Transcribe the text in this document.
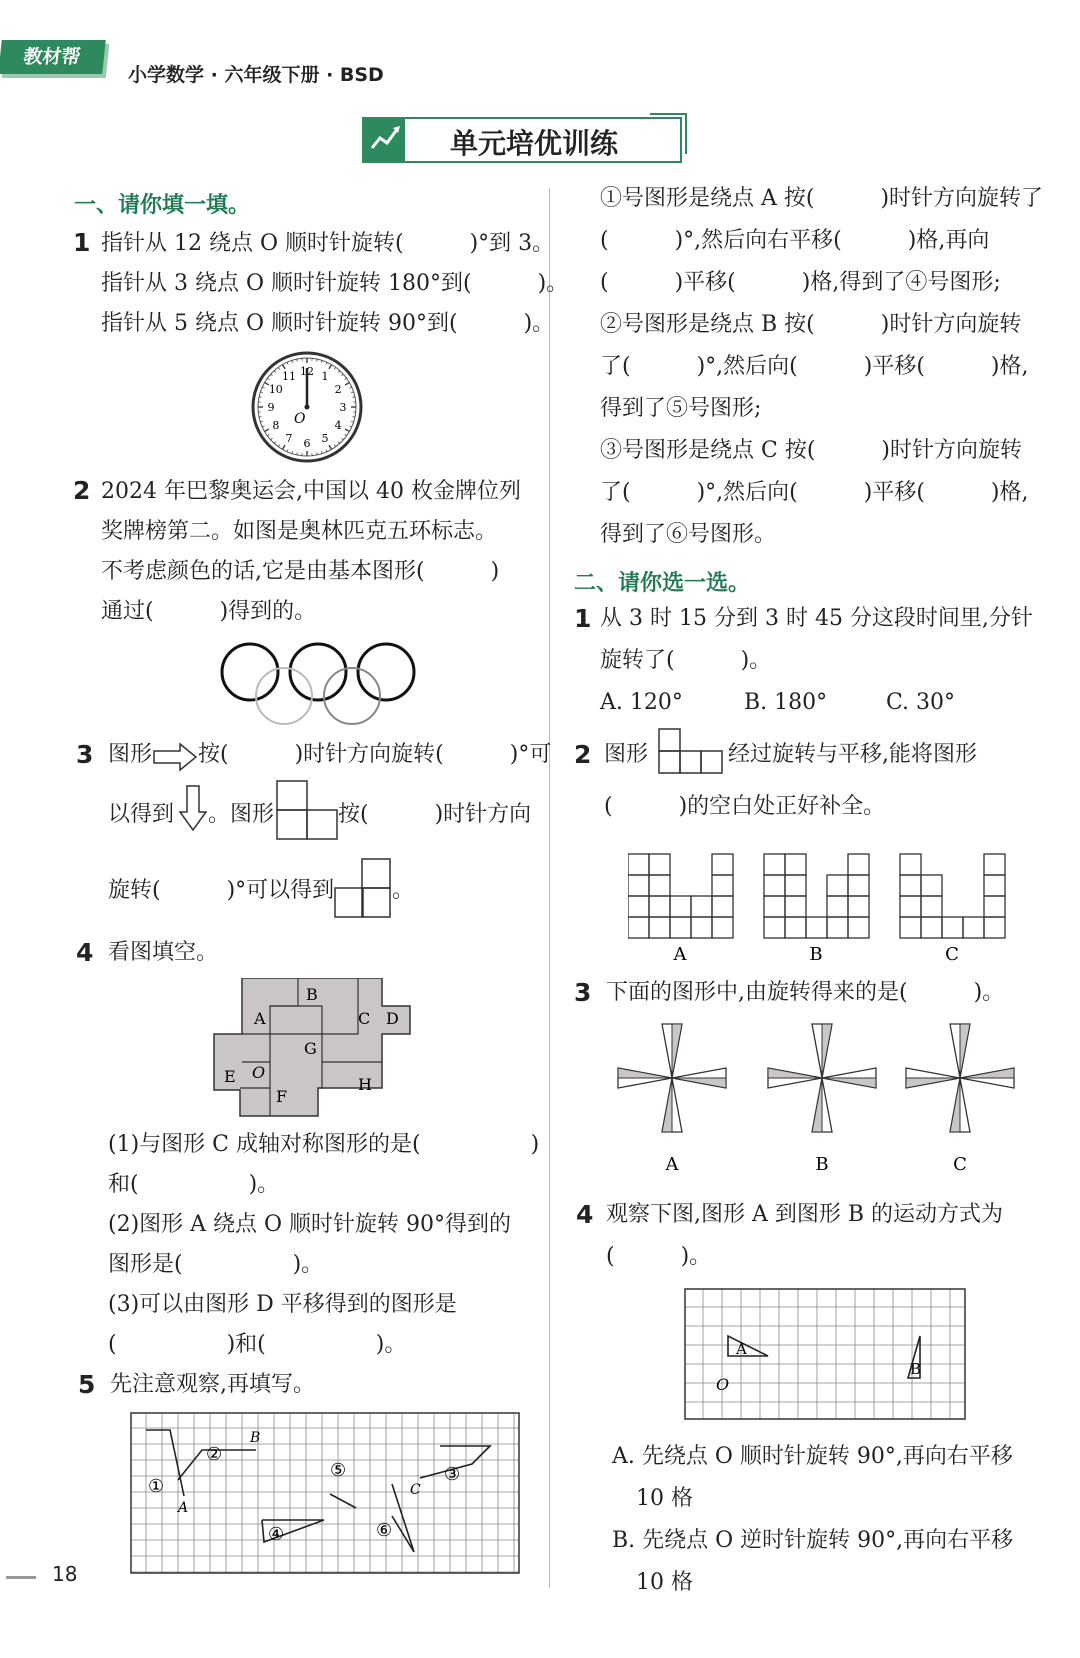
教材帮
小学数学 · 六年级下册 · BSD
单元培优训练
18
一、请你填一填。
1 指针从 12 绕点 O 顺时针旋转(　　　)°到 3。
指针从 3 绕点 O 顺时针旋转 180°到(　　　)。
指针从 5 绕点 O 顺时针旋转 90°到(　　　)。
O
12 1
2
3
4
5
6
7
8
9
10
11
2 2024 年巴黎奥运会,中国以 40 枚金牌位列
奖牌榜第二。如图是奥林匹克五环标志。
不考虑颜色的话,它是由基本图形(　　　)
通过(　　　)得到的。
3 图形 按(　　　)时针方向旋转(　　　)°可
以得到 。图形	按(　　　)时针方向
旋转(　　　)°可以得到	。
4 看图填空。
A
B
C D
E O
F
G
H
(1)与图形 C 成轴对称图形的是(　　　　　)
和(　　　　　)。
(2)图形 A 绕点 O 顺时针旋转 90°得到的
图形是(　　　　　)。
(3)可以由图形 D 平移得到的图形是
(　　　　　)和(　　　　　)。
5 先注意观察,再填写。
①
②
③
④
⑤
⑥
A
B
C
①号图形是绕点 A 按(　　　)时针方向旋转了
(　　　)°,然后向右平移(　　　)格,再向
(　　　)平移(　　　)格,得到了④号图形;
②号图形是绕点 B 按(　　　)时针方向旋转
了(　　　)°,然后向(　　　)平移(　　　)格,
得到了⑤号图形;
③号图形是绕点 C 按(　　　)时针方向旋转
了(　　　)°,然后向(　　　)平移(　　　)格,
得到了⑥号图形。
二、请你选一选。
1 从 3 时 15 分到 3 时 45 分这段时间里,分针
旋转了(　　　)。
A. 120°	B. 180°	C. 30°
2 图形	经过旋转与平移,能将图形
(　　　)的空白处正好补全。
A	B	C
3 下面的图形中,由旋转得来的是(　　　)。
A	B	C
4 观察下图,图形 A 到图形 B 的运动方式为
(　　　)。
A
B
O
A. 先绕点 O 顺时针旋转 90°,再向右平移
10 格
B. 先绕点 O 逆时针旋转 90°,再向右平移
10 格
